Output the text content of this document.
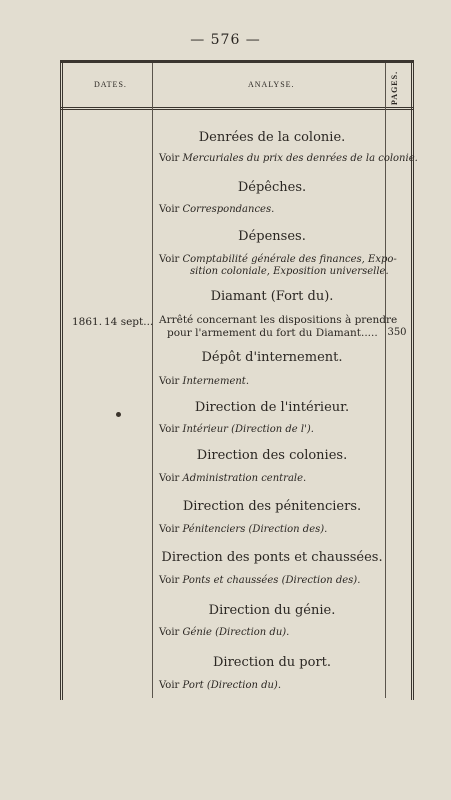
— 576 —
DATES.	ANALYSE.	PAGES.
Denrées de la colonie.
Voir Mercuriales du prix des denrées de la colonie.
Dépêches.
Voir Correspondances.
Dépenses.
Voir Comptabilité générale des finances, Expo-
sition coloniale, Exposition universelle.
Diamant (Fort du).
1861. 14 sept... Arrêté concernant les dispositions à prendre
pour l'armement du fort du Diamant..... 350
Dépôt d'internement.
Voir Internement.
Direction de l'intérieur.
Voir Intérieur (Direction de l').
Direction des colonies.
Voir Administration centrale.
Direction des pénitenciers.
Voir Pénitenciers (Direction des).
Direction des ponts et chaussées.
Voir Ponts et chaussées (Direction des).
Direction du génie.
Voir Génie (Direction du).
Direction du port.
Voir Port (Direction du).
